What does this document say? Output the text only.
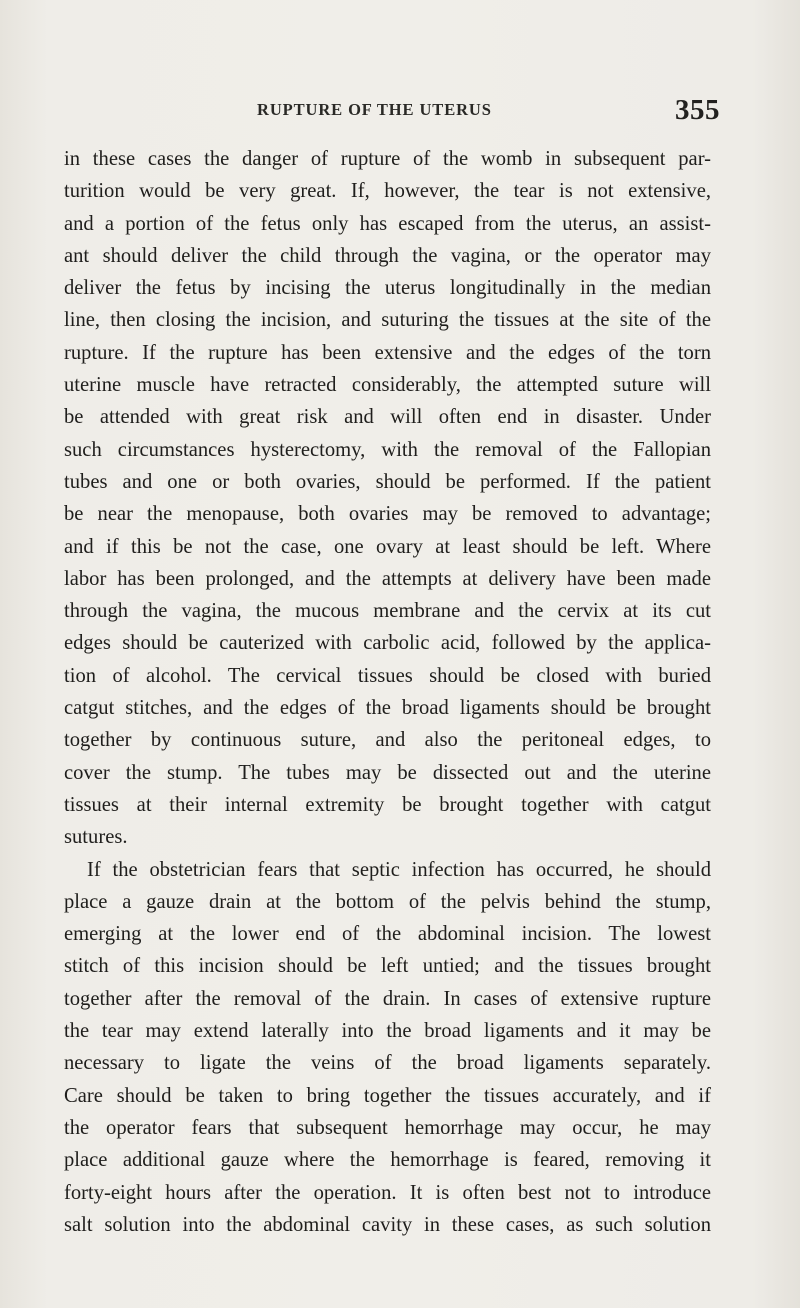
RUPTURE OF THE UTERUS	355
in these cases the danger of rupture of the womb in subsequent par-
turition would be very great. If, however, the tear is not extensive,
and a portion of the fetus only has escaped from the uterus, an assist-
ant should deliver the child through the vagina, or the operator may
deliver the fetus by incising the uterus longitudinally in the median
line, then closing the incision, and suturing the tissues at the site of the
rupture. If the rupture has been extensive and the edges of the torn
uterine muscle have retracted considerably, the attempted suture will
be attended with great risk and will often end in disaster. Under
such circumstances hysterectomy, with the removal of the Fallopian
tubes and one or both ovaries, should be performed. If the patient
be near the menopause, both ovaries may be removed to advantage;
and if this be not the case, one ovary at least should be left. Where
labor has been prolonged, and the attempts at delivery have been made
through the vagina, the mucous membrane and the cervix at its cut
edges should be cauterized with carbolic acid, followed by the applica-
tion of alcohol. The cervical tissues should be closed with buried
catgut stitches, and the edges of the broad ligaments should be brought
together by continuous suture, and also the peritoneal edges, to
cover the stump. The tubes may be dissected out and the uterine
tissues at their internal extremity be brought together with catgut
sutures.
If the obstetrician fears that septic infection has occurred, he should
place a gauze drain at the bottom of the pelvis behind the stump,
emerging at the lower end of the abdominal incision. The lowest
stitch of this incision should be left untied; and the tissues brought
together after the removal of the drain. In cases of extensive rupture
the tear may extend laterally into the broad ligaments and it may be
necessary to ligate the veins of the broad ligaments separately.
Care should be taken to bring together the tissues accurately, and if
the operator fears that subsequent hemorrhage may occur, he may
place additional gauze where the hemorrhage is feared, removing it
forty-eight hours after the operation. It is often best not to introduce
salt solution into the abdominal cavity in these cases, as such solution
